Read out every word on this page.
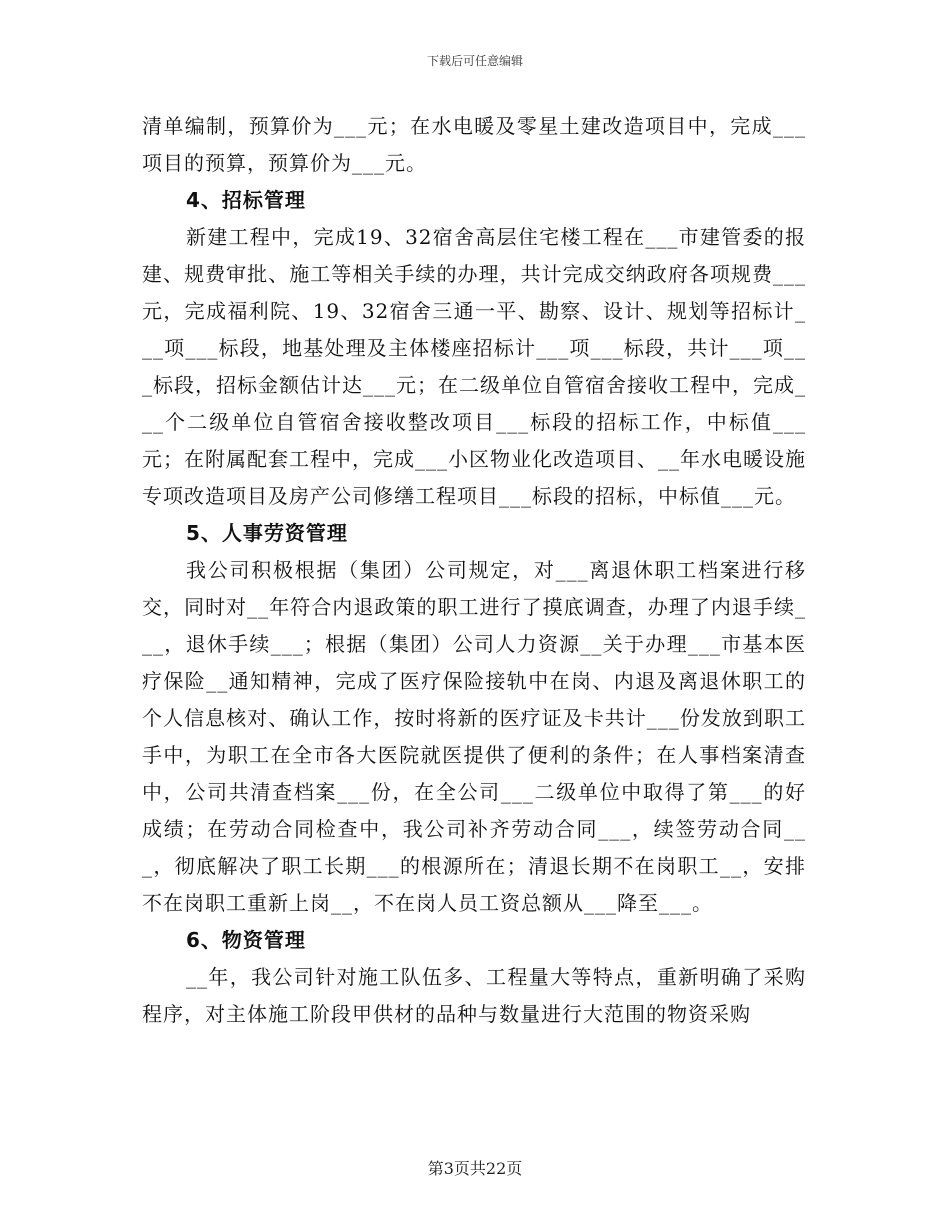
下载后可任意编辑

清单编制，预算价为___元；在水电暖及零星土建改造项目中，完成___项目的预算，预算价为___元。

4、招标管理

新建工程中，完成19、32宿舍高层住宅楼工程在___市建管委的报建、规费审批、施工等相关手续的办理，共计完成交纳政府各项规费___元，完成福利院、19、32宿舍三通一平、勘察、设计、规划等招标计___项___标段，地基处理及主体楼座招标计___项___标段，共计___项___标段，招标金额估计达___元；在二级单位自管宿舍接收工程中，完成___个二级单位自管宿舍接收整改项目___标段的招标工作，中标值___元；在附属配套工程中，完成___小区物业化改造项目、__年水电暖设施专项改造项目及房产公司修缮工程项目___标段的招标，中标值___元。

5、人事劳资管理

我公司积极根据（集团）公司规定，对___离退休职工档案进行移交，同时对__年符合内退政策的职工进行了摸底调查，办理了内退手续___，退休手续___；根据（集团）公司人力资源__关于办理___市基本医疗保险__通知精神，完成了医疗保险接轨中在岗、内退及离退休职工的个人信息核对、确认工作，按时将新的医疗证及卡共计___份发放到职工手中，为职工在全市各大医院就医提供了便利的条件；在人事档案清查中，公司共清查档案___份，在全公司___二级单位中取得了第___的好成绩；在劳动合同检查中，我公司补齐劳动合同___，续签劳动合同___，彻底解决了职工长期___的根源所在；清退长期不在岗职工__，安排不在岗职工重新上岗__，不在岗人员工资总额从___降至___。

6、物资管理

__年，我公司针对施工队伍多、工程量大等特点，重新明确了采购程序，对主体施工阶段甲供材的品种与数量进行大范围的物资采购

第3页共22页
